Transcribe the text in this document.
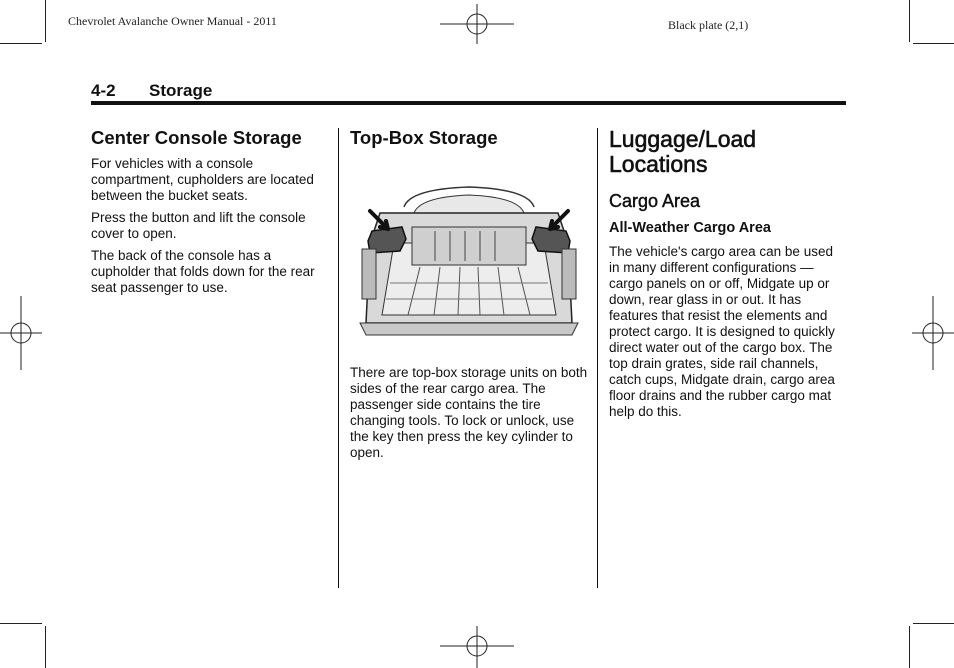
Chevrolet Avalanche Owner Manual - 2011	Black plate (2,1)
4-2 Storage
Center Console Storage

For vehicles with a console compartment, cupholders are located between the bucket seats.

Press the button and lift the console cover to open.

The back of the console has a cupholder that folds down for the rear seat passenger to use.

Top-Box Storage

There are top-box storage units on both sides of the rear cargo area. The passenger side contains the tire changing tools. To lock or unlock, use the key then press the key cylinder to open.

Luggage/Load
Locations
Cargo Area
All-Weather Cargo Area

The vehicle's cargo area can be used in many different configurations — cargo panels on or off, Midgate up or down, rear glass in or out. It has features that resist the elements and protect cargo. It is designed to quickly direct water out of the cargo box. The top drain grates, side rail channels, catch cups, Midgate drain, cargo area floor drains and the rubber cargo mat help do this.
